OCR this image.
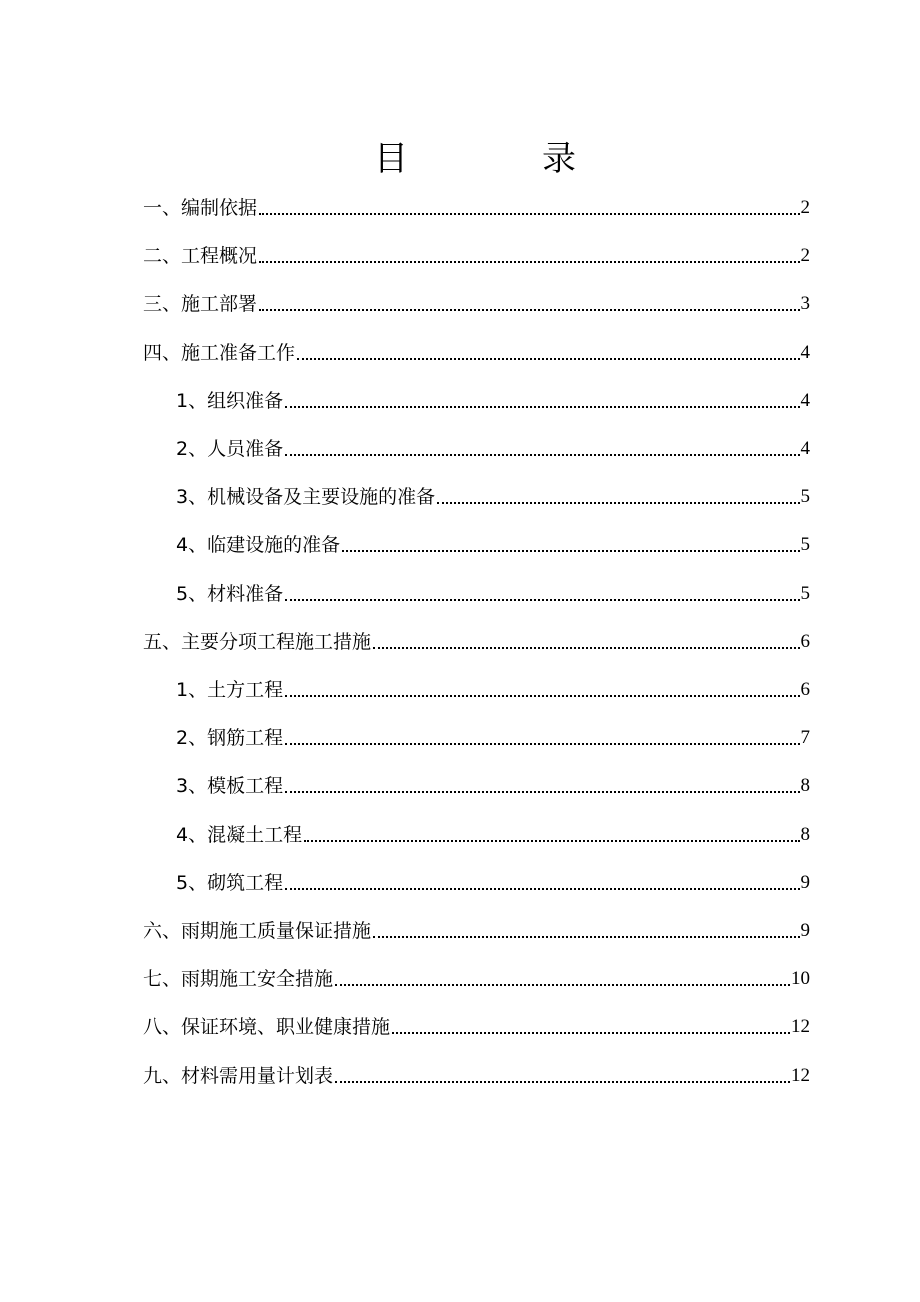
目	录
一、编制依据	2
二、工程概况	2
三、施工部署	3
四、施工准备工作	4
1、组织准备	4
2、人员准备	4
3、机械设备及主要设施的准备	5
4、临建设施的准备	5
5、材料准备	5
五、主要分项工程施工措施	6
1、土方工程	6
2、钢筋工程	7
3、模板工程	8
4、混凝土工程	8
5、砌筑工程	9
六、雨期施工质量保证措施	9
七、雨期施工安全措施	10
八、保证环境、职业健康措施	12
九、材料需用量计划表	12
